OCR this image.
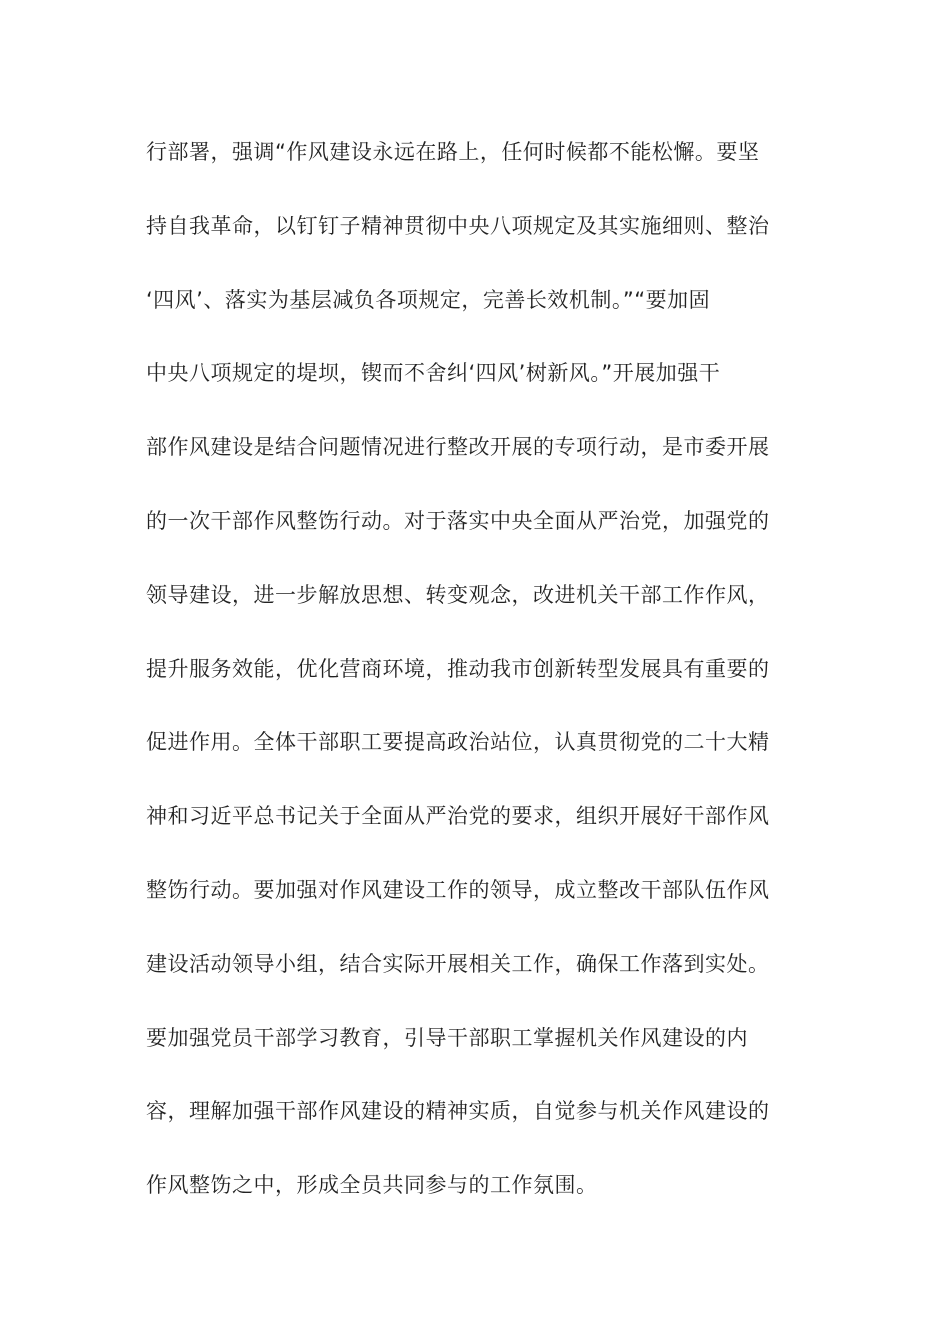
行部署，强调“作风建设永远在路上，任何时候都不能松懈。要坚
持自我革命，以钉钉子精神贯彻中央八项规定及其实施细则、整治
‘四风’、落实为基层减负各项规定，完善长效机制。”“要加固
中央八项规定的堤坝，锲而不舍纠‘四风’树新风。”开展加强干
部作风建设是结合问题情况进行整改开展的专项行动，是市委开展
的一次干部作风整饬行动。对于落实中央全面从严治党，加强党的
领导建设，进一步解放思想、转变观念，改进机关干部工作作风，
提升服务效能，优化营商环境，推动我市创新转型发展具有重要的
促进作用。全体干部职工要提高政治站位，认真贯彻党的二十大精
神和习近平总书记关于全面从严治党的要求，组织开展好干部作风
整饬行动。要加强对作风建设工作的领导，成立整改干部队伍作风
建设活动领导小组，结合实际开展相关工作，确保工作落到实处。
要加强党员干部学习教育，引导干部职工掌握机关作风建设的内
容，理解加强干部作风建设的精神实质，自觉参与机关作风建设的
作风整饬之中，形成全员共同参与的工作氛围。
